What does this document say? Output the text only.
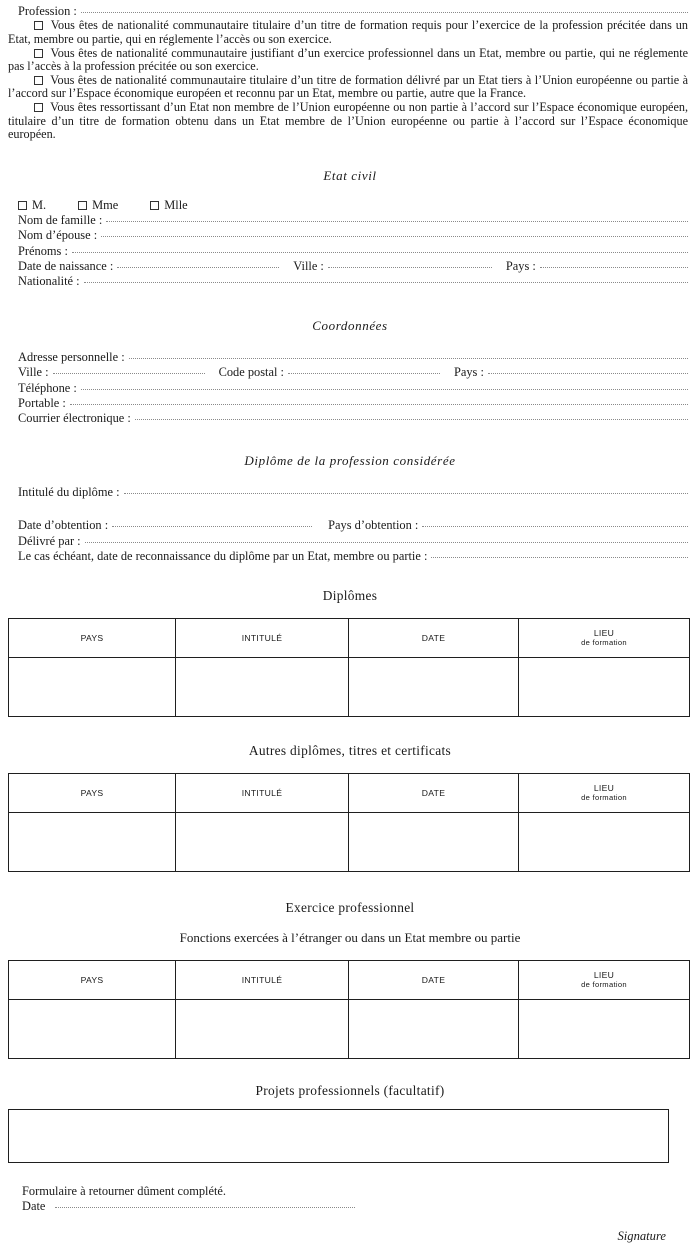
Profession :

Vous êtes de nationalité communautaire titulaire d’un titre de formation requis pour l’exercice de la profession précitée dans un Etat, membre ou partie, qui en réglemente l’accès ou son exercice.

Vous êtes de nationalité communautaire justifiant d’un exercice professionnel dans un Etat, membre ou partie, qui ne réglemente pas l’accès à la profession précitée ou son exercice.

Vous êtes de nationalité communautaire titulaire d’un titre de formation délivré par un Etat tiers à l’Union européenne ou partie à l’accord sur l’Espace économique européen et reconnu par un Etat, membre ou partie, autre que la France.

Vous êtes ressortissant d’un Etat non membre de l’Union européenne ou non partie à l’accord sur l’Espace économique européen, titulaire d’un titre de formation obtenu dans un Etat membre de l’Union européenne ou partie à l’accord sur l’Espace économique européen.

Etat civil
M.	Mme	Mlle
Nom de famille :
Nom d’épouse :
Prénoms :
Date de naissance :	Ville :	Pays :
Nationalité :
Coordonnées
Adresse personnelle :
Ville :	Code postal :	Pays :
Téléphone :
Portable :
Courrier électronique :
Diplôme de la profession considérée
Intitulé du diplôme :
Date d’obtention :	Pays d’obtention :
Délivré par :
Le cas échéant, date de reconnaissance du diplôme par un Etat, membre ou partie :
Diplômes
PAYS	INTITULÉ	DATE	LIEU
de formation

Autres diplômes, titres et certificats
PAYS	INTITULÉ	DATE	LIEU
de formation

Exercice professionnel
Fonctions exercées à l’étranger ou dans un Etat membre ou partie
PAYS	INTITULÉ	DATE	LIEU
de formation

Projets professionnels (facultatif)
Formulaire à retourner dûment complété.
Date
Signature
